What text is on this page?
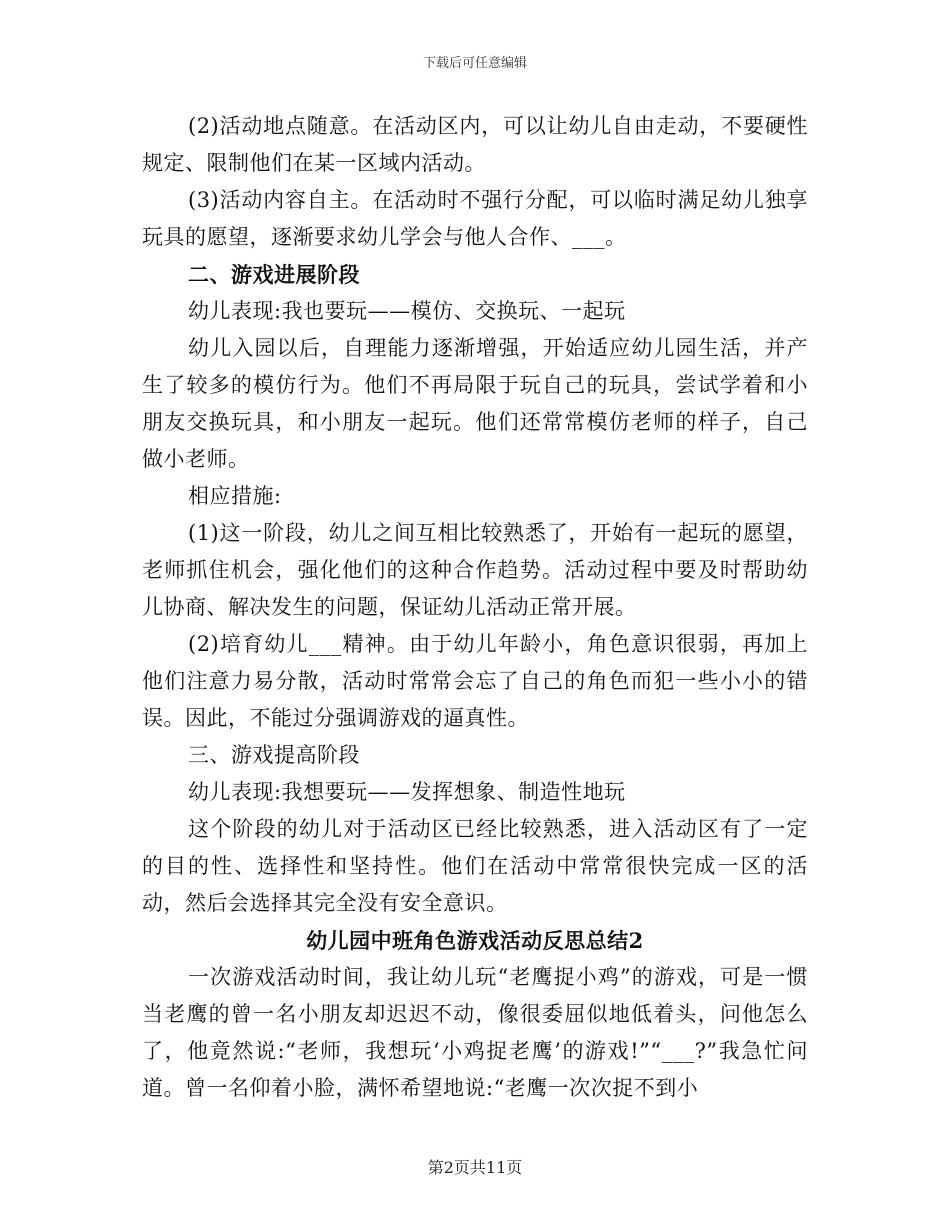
下载后可任意编辑

(2)活动地点随意。在活动区内，可以让幼儿自由走动，不要硬性规定、限制他们在某一区域内活动。

(3)活动内容自主。在活动时不强行分配，可以临时满足幼儿独享玩具的愿望，逐渐要求幼儿学会与他人合作、___。

二、游戏进展阶段

幼儿表现:我也要玩——模仿、交换玩、一起玩

幼儿入园以后，自理能力逐渐增强，开始适应幼儿园生活，并产生了较多的模仿行为。他们不再局限于玩自己的玩具，尝试学着和小朋友交换玩具，和小朋友一起玩。他们还常常模仿老师的样子，自己做小老师。

相应措施:

(1)这一阶段，幼儿之间互相比较熟悉了，开始有一起玩的愿望，老师抓住机会，强化他们的这种合作趋势。活动过程中要及时帮助幼儿协商、解决发生的问题，保证幼儿活动正常开展。

(2)培育幼儿___精神。由于幼儿年龄小，角色意识很弱，再加上他们注意力易分散，活动时常常会忘了自己的角色而犯一些小小的错误。因此，不能过分强调游戏的逼真性。

三、游戏提高阶段

幼儿表现:我想要玩——发挥想象、制造性地玩

这个阶段的幼儿对于活动区已经比较熟悉，进入活动区有了一定的目的性、选择性和坚持性。他们在活动中常常很快完成一区的活动，然后会选择其完全没有安全意识。

幼儿园中班角色游戏活动反思总结2

一次游戏活动时间，我让幼儿玩“老鹰捉小鸡”的游戏，可是一惯当老鹰的曾一名小朋友却迟迟不动，像很委屈似地低着头，问他怎么了，他竟然说:“老师，我想玩‘小鸡捉老鹰’的游戏!”“___?”我急忙问道。曾一名仰着小脸，满怀希望地说:“老鹰一次次捉不到小

第2页共11页
